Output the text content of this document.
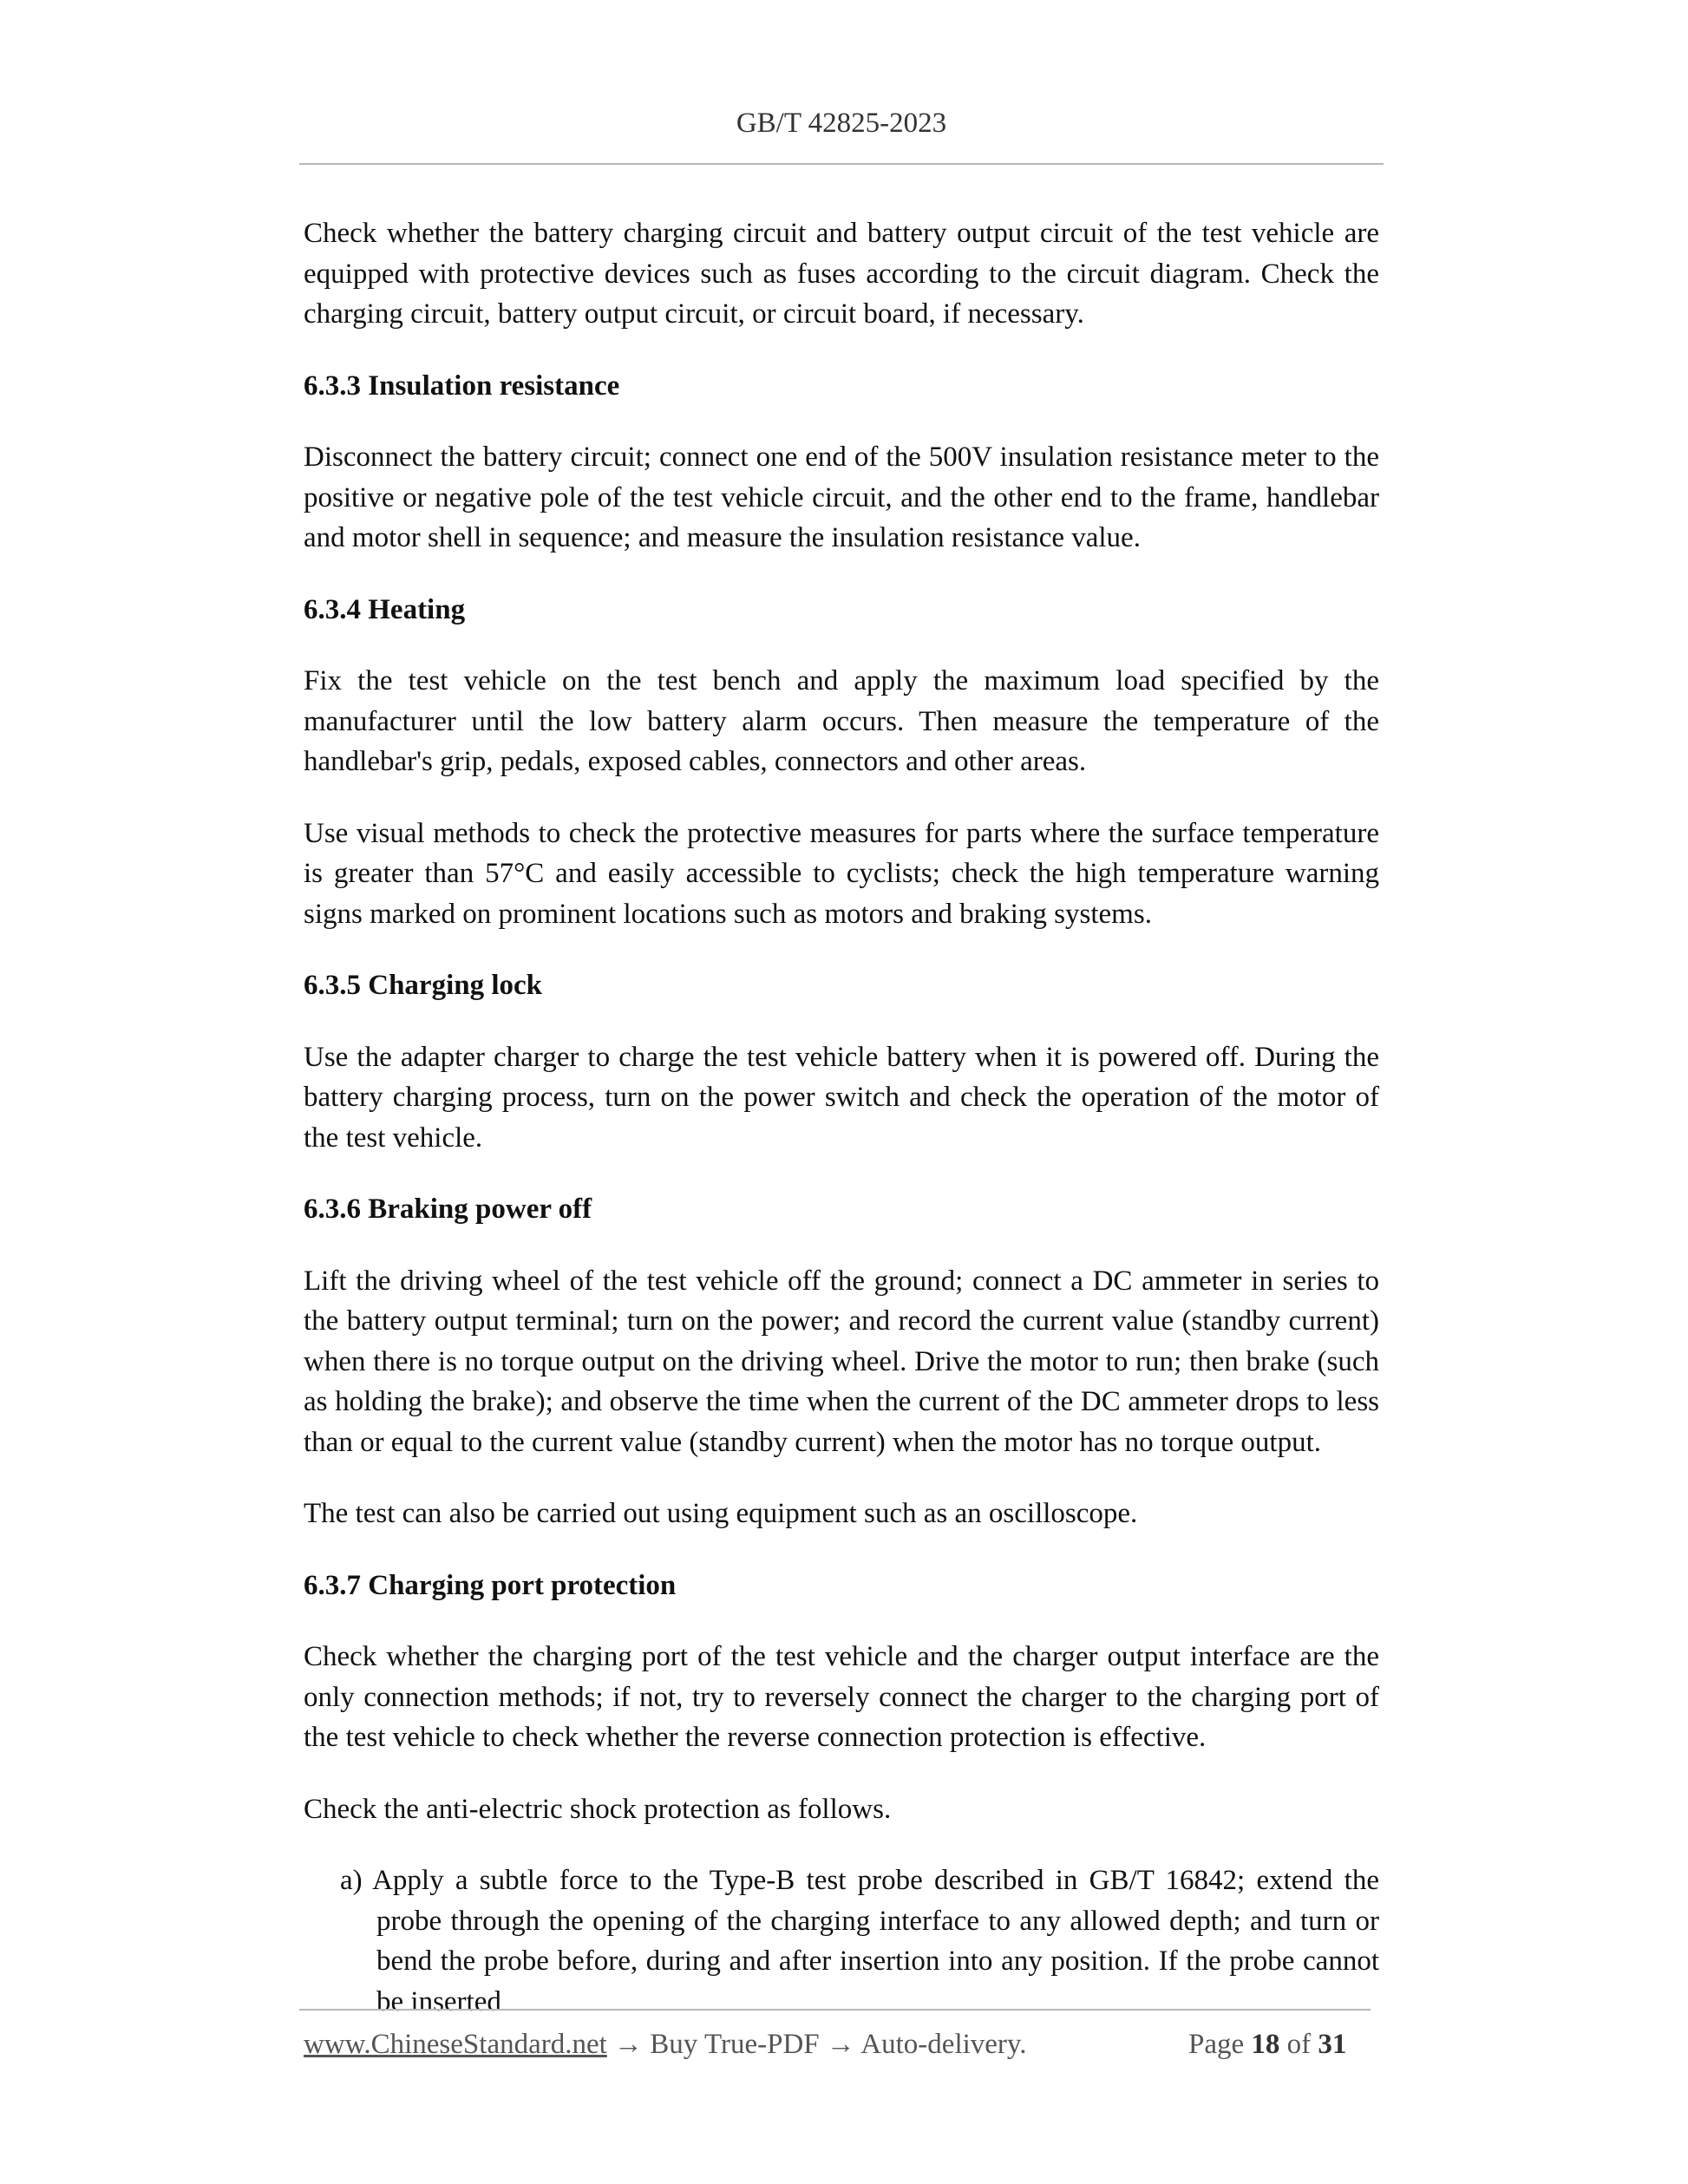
GB/T 42825-2023

Check whether the battery charging circuit and battery output circuit of the test vehicle are equipped with protective devices such as fuses according to the circuit diagram. Check the charging circuit, battery output circuit, or circuit board, if necessary.

6.3.3 Insulation resistance

Disconnect the battery circuit; connect one end of the 500V insulation resistance meter to the positive or negative pole of the test vehicle circuit, and the other end to the frame, handlebar and motor shell in sequence; and measure the insulation resistance value.

6.3.4 Heating

Fix the test vehicle on the test bench and apply the maximum load specified by the manufacturer until the low battery alarm occurs. Then measure the temperature of the handlebar's grip, pedals, exposed cables, connectors and other areas.

Use visual methods to check the protective measures for parts where the surface temperature is greater than 57°C and easily accessible to cyclists; check the high temperature warning signs marked on prominent locations such as motors and braking systems.

6.3.5 Charging lock

Use the adapter charger to charge the test vehicle battery when it is powered off. During the battery charging process, turn on the power switch and check the operation of the motor of the test vehicle.

6.3.6 Braking power off

Lift the driving wheel of the test vehicle off the ground; connect a DC ammeter in series to the battery output terminal; turn on the power; and record the current value (standby current) when there is no torque output on the driving wheel. Drive the motor to run; then brake (such as holding the brake); and observe the time when the current of the DC ammeter drops to less than or equal to the current value (standby current) when the motor has no torque output.

The test can also be carried out using equipment such as an oscilloscope.

6.3.7 Charging port protection

Check whether the charging port of the test vehicle and the charger output interface are the only connection methods; if not, try to reversely connect the charger to the charging port of the test vehicle to check whether the reverse connection protection is effective.

Check the anti-electric shock protection as follows.

a) Apply a subtle force to the Type-B test probe described in GB/T 16842; extend the probe through the opening of the charging interface to any allowed depth; and turn or bend the probe before, during and after insertion into any position. If the probe cannot be inserted

www.ChineseStandard.net → Buy True-PDF → Auto-delivery.	Page 18 of 31
